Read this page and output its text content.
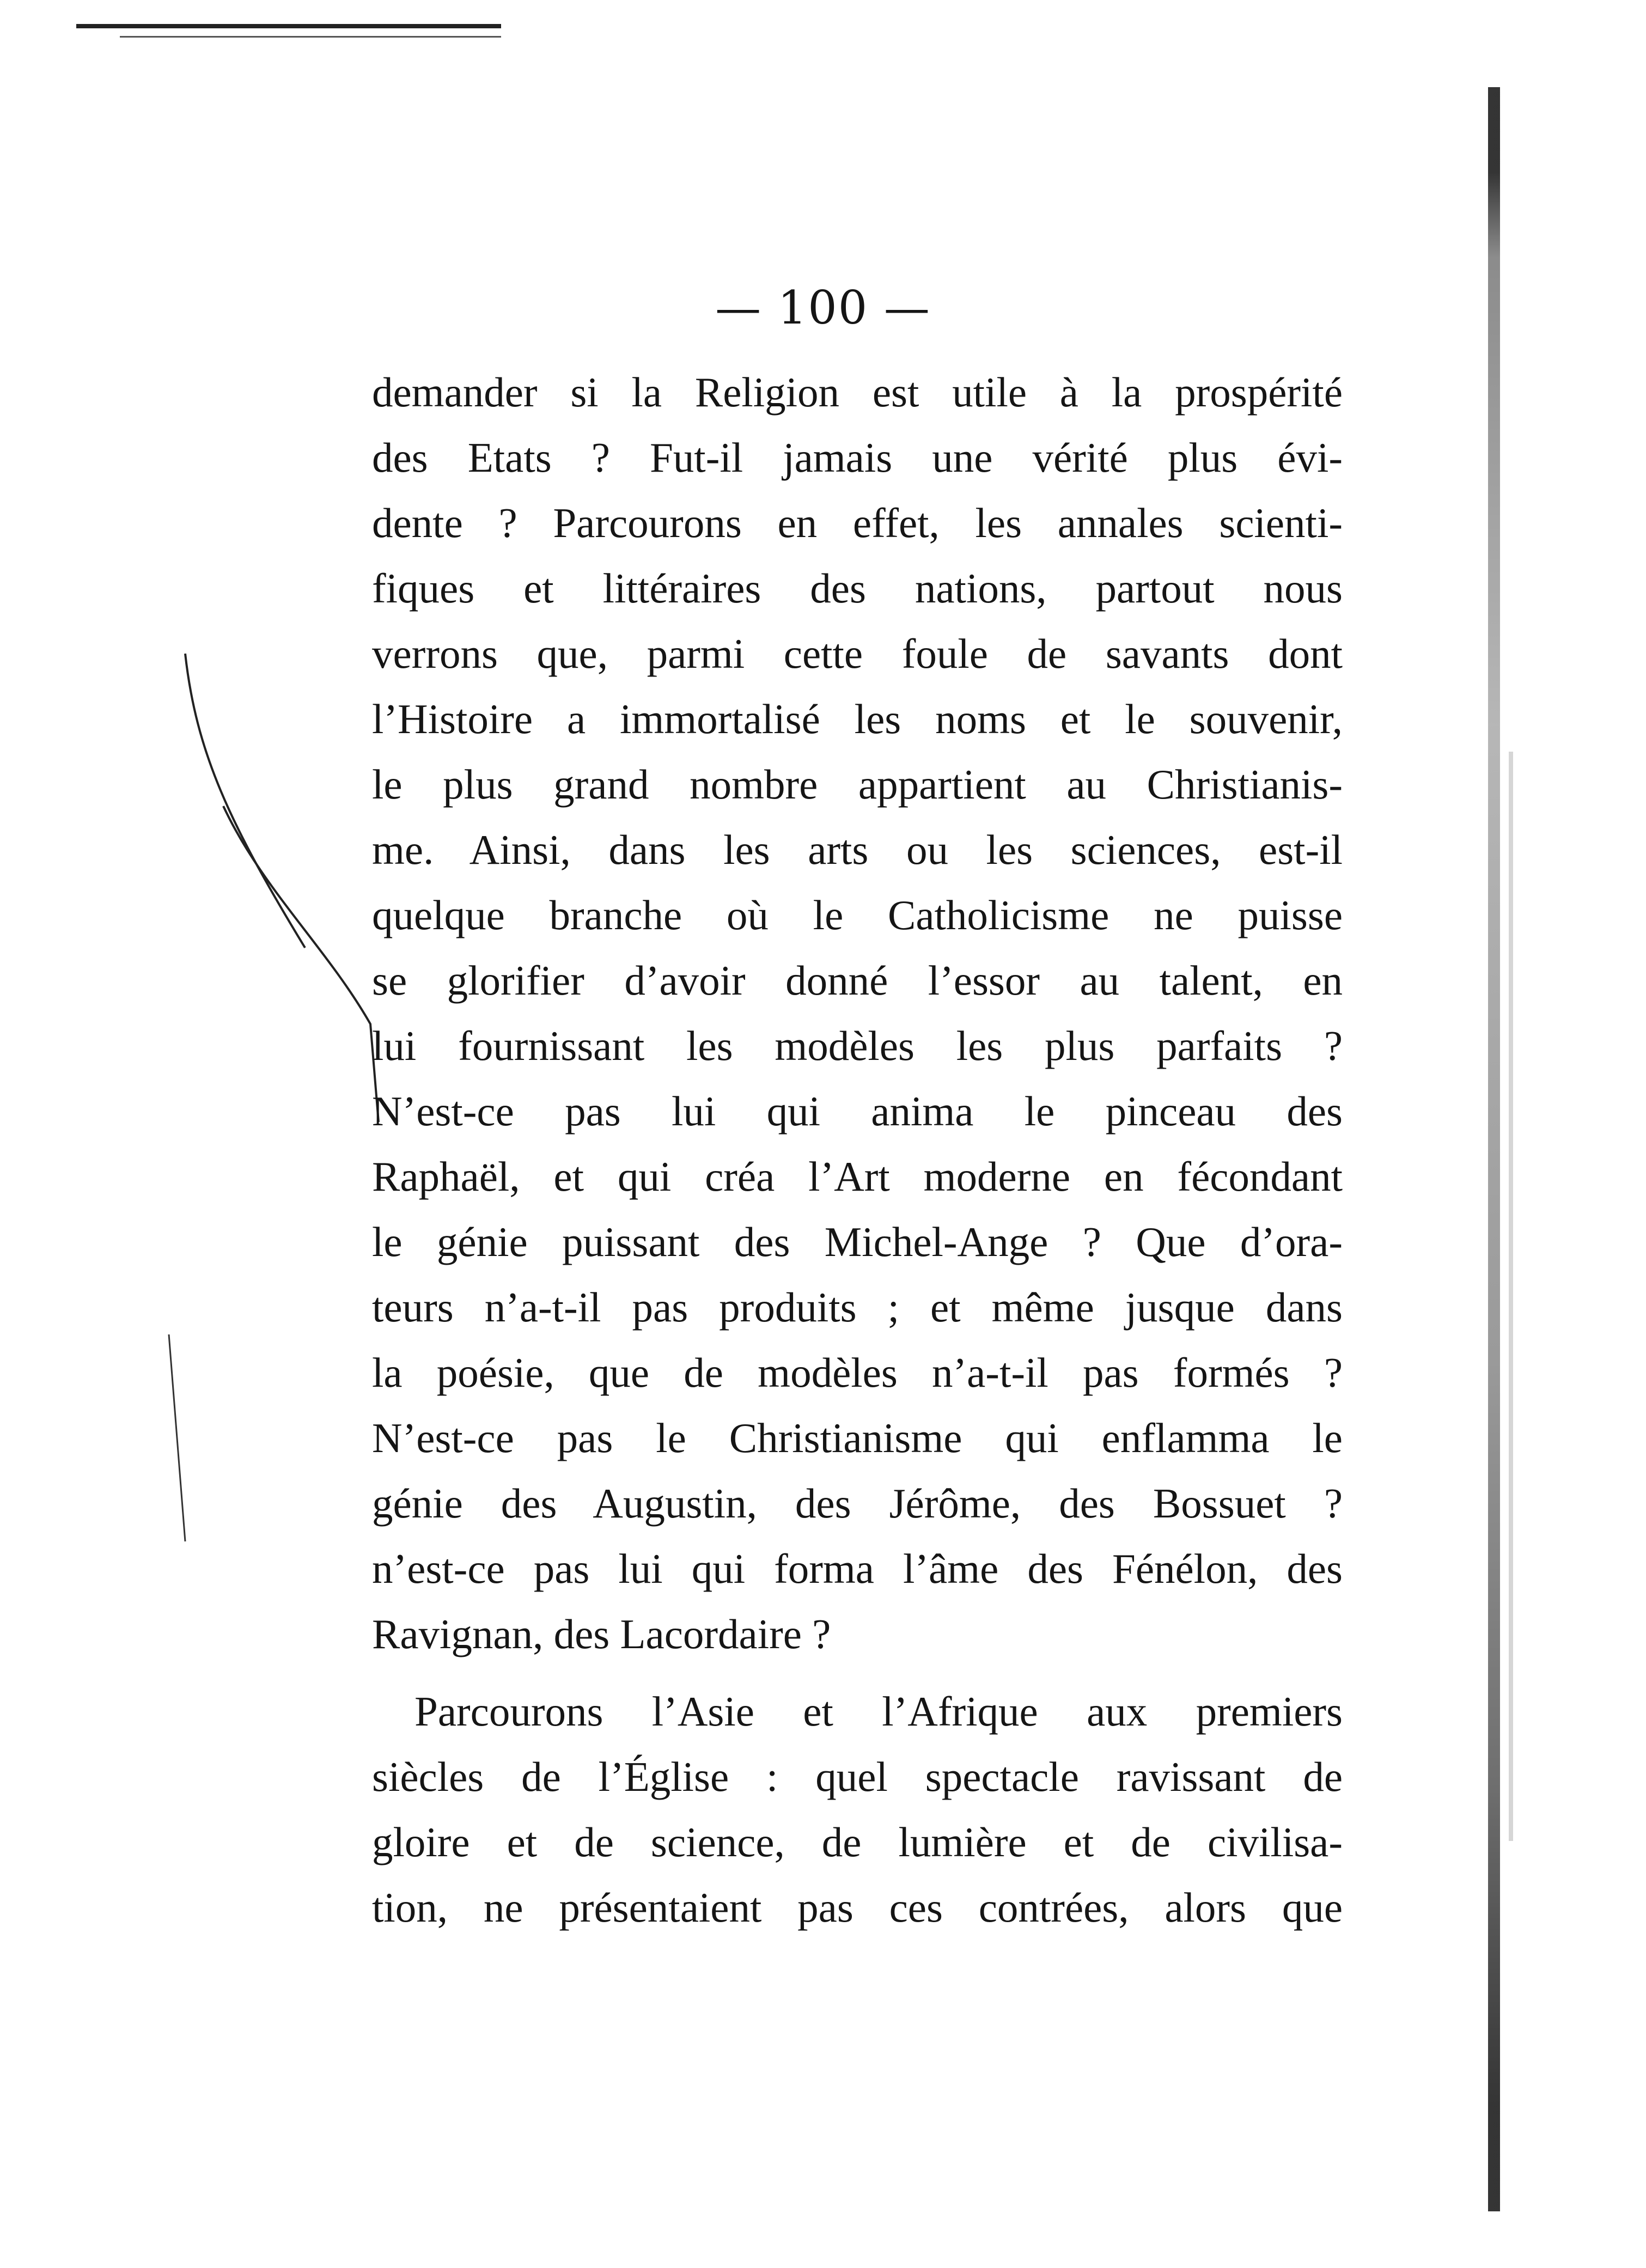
— 100 —
demander si la Religion est utile à la prospérité
des Etats ? Fut-il jamais une vérité plus évi-
dente ? Parcourons en effet, les annales scienti-
fiques et littéraires des nations, partout nous
verrons que, parmi cette foule de savants dont
l’Histoire a immortalisé les noms et le souvenir,
le plus grand nombre appartient au Christianis-
me. Ainsi, dans les arts ou les sciences, est-il
quelque branche où le Catholicisme ne puisse
se glorifier d’avoir donné l’essor au talent, en
lui fournissant les modèles les plus parfaits ?
N’est-ce pas lui qui anima le pinceau des
Raphaël, et qui créa l’Art moderne en fécondant
le génie puissant des Michel-Ange ? Que d’ora-
teurs n’a-t-il pas produits ; et même jusque dans
la poésie, que de modèles n’a-t-il pas formés ?
N’est-ce pas le Christianisme qui enflamma le
génie des Augustin, des Jérôme, des Bossuet ?
n’est-ce pas lui qui forma l’âme des Fénélon, des
Ravignan, des Lacordaire ?
Parcourons l’Asie et l’Afrique aux premiers
siècles de l’Église : quel spectacle ravissant de
gloire et de science, de lumière et de civilisa-
tion, ne présentaient pas ces contrées, alors que
